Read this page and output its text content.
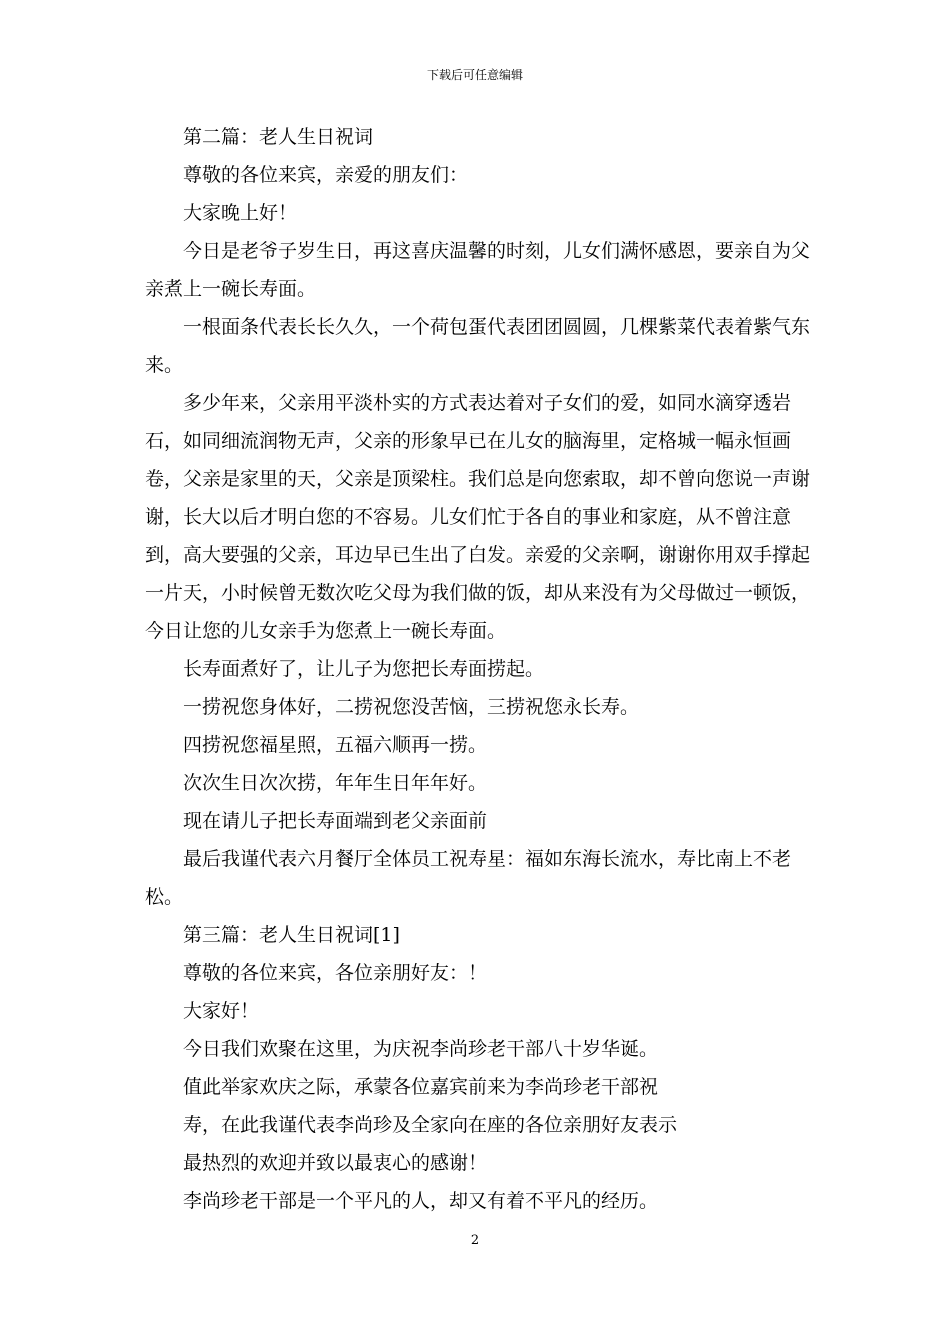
下载后可任意编辑

第二篇：老人生日祝词

尊敬的各位来宾，亲爱的朋友们：

大家晚上好！

今日是老爷子岁生日，再这喜庆温馨的时刻，儿女们满怀感恩，要亲自为父亲煮上一碗长寿面。

一根面条代表长长久久，一个荷包蛋代表团团圆圆，几棵紫菜代表着紫气东来。

多少年来，父亲用平淡朴实的方式表达着对子女们的爱，如同水滴穿透岩石，如同细流润物无声，父亲的形象早已在儿女的脑海里，定格城一幅永恒画卷，父亲是家里的天，父亲是顶梁柱。我们总是向您索取，却不曾向您说一声谢谢，长大以后才明白您的不容易。儿女们忙于各自的事业和家庭，从不曾注意到，高大要强的父亲，耳边早已生出了白发。亲爱的父亲啊，谢谢你用双手撑起一片天，小时候曾无数次吃父母为我们做的饭，却从来没有为父母做过一顿饭，今日让您的儿女亲手为您煮上一碗长寿面。

长寿面煮好了，让儿子为您把长寿面捞起。

一捞祝您身体好，二捞祝您没苦恼，三捞祝您永长寿。

四捞祝您福星照，五福六顺再一捞。

次次生日次次捞，年年生日年年好。

现在请儿子把长寿面端到老父亲面前

最后我谨代表六月餐厅全体员工祝寿星：福如东海长流水，寿比南上不老松。

第三篇：老人生日祝词[1]

尊敬的各位来宾，各位亲朋好友：！

大家好！

今日我们欢聚在这里，为庆祝李尚珍老干部八十岁华诞。

值此举家欢庆之际，承蒙各位嘉宾前来为李尚珍老干部祝

寿，在此我谨代表李尚珍及全家向在座的各位亲朋好友表示

最热烈的欢迎并致以最衷心的感谢！

李尚珍老干部是一个平凡的人，却又有着不平凡的经历。

2
